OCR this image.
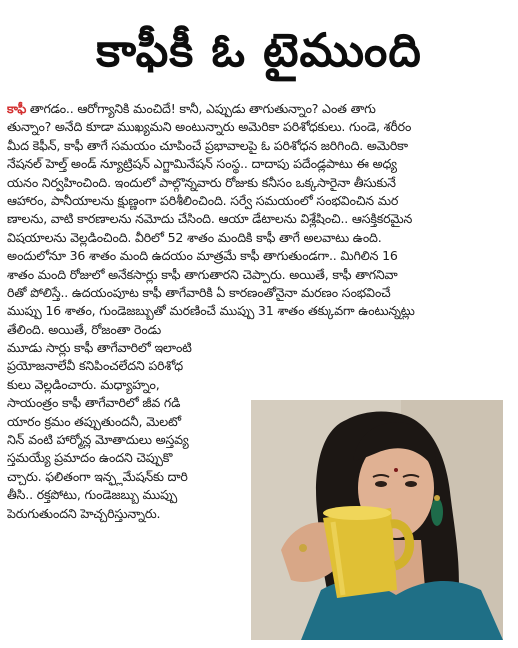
కాఫీకీ ఓ టైముంది
కాఫీ తాగడం.. ఆరోగ్యానికి మంచిదే! కానీ, ఎప్పుడు తాగుతున్నాం? ఎంత తాగు
తున్నాం? అనేది కూడా ముఖ్యమని అంటున్నారు అమెరికా పరిశోధకులు. గుండె, శరీరం
మీద కెఫీన్, కాఫీ తాగే సమయం చూపించే ప్రభావాలపై ఓ పరిశోధన జరిగింది. అమెరికా
నేషనల్ హెల్త్ అండ్ న్యూట్రిషన్ ఎగ్జామినేషన్ సంస్థ.. దాదాపు పదేండ్లపాటు ఈ అధ్య
యనం నిర్వహించింది. ఇందులో పాల్గొన్నవారు రోజుకు కనీసం ఒక్కసారైనా తీసుకునే
ఆహారం, పానీయాలను క్షుణ్ణంగా పరిశీలించింది. సర్వే సమయంలో సంభవించిన మర
ణాలను, వాటి కారణాలను నమోదు చేసింది. ఆయా డేటాలను విశ్లేషించి.. ఆసక్తికరమైన
విషయాలను వెల్లడించింది. వీరిలో 52 శాతం మందికి కాఫీ తాగే అలవాటు ఉంది.
అందులోనూ 36 శాతం మంది ఉదయం మాత్రమే కాఫీ తాగుతుండగా.. మిగిలిన 16
శాతం మంది రోజులో అనేకసార్లు కాఫీ తాగుతారని చెప్పారు. అయితే, కాఫీ తాగనివా
రితో పోలిస్తే.. ఉదయంపూట కాఫీ తాగేవారికి ఏ కారణంతోనైనా మరణం సంభవించే
ముప్పు 16 శాతం, గుండెజబ్బుతో మరణించే ముప్పు 31 శాతం తక్కువగా ఉంటున్నట్లు
తేలింది. అయితే, రోజంతా రెండు
మూడు సార్లు కాఫీ తాగేవారిలో ఇలాంటి
ప్రయోజనాలేవీ కనిపించలేదని పరిశోధ
కులు వెల్లడించారు. మధ్యాహ్నం,
సాయంత్రం కాఫీ తాగేవారిలో జీవ గడి
యారం క్రమం తప్పుతుందనీ, మెలటో
నిన్ వంటి హార్మోన్ల మోతాదులు అస్తవ్య
స్తమయ్యే ప్రమాదం ఉందని చెప్పుకొ
చ్చారు. ఫలితంగా ఇన్ఫ్లమేషన్‌కు దారి
తీసి.. రక్తపోటు, గుండెజబ్బు ముప్పు
పెరుగుతుందని హెచ్చరిస్తున్నారు.
